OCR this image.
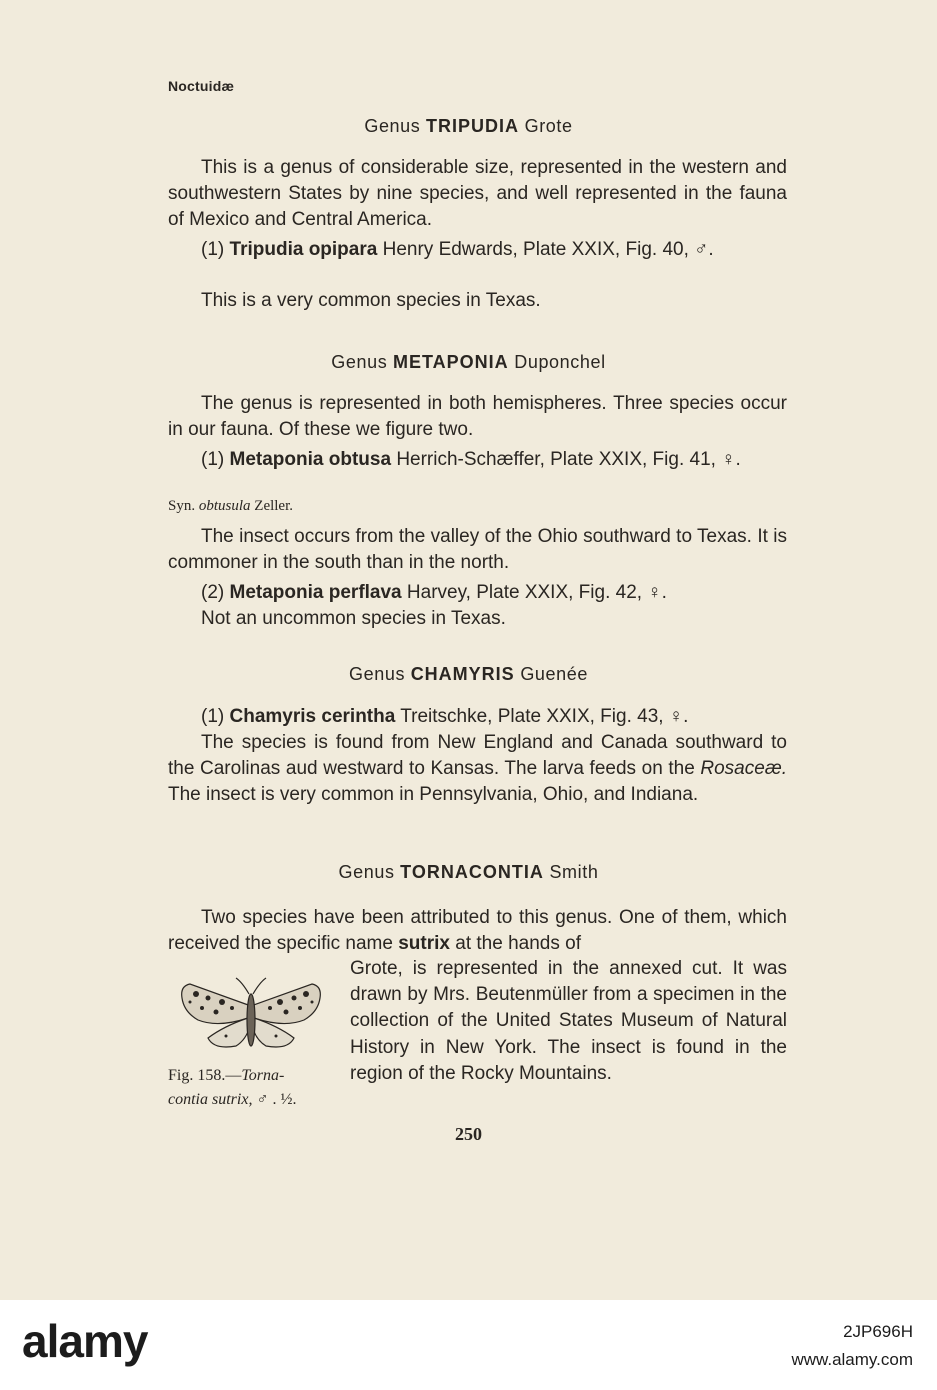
Noctuidæ
Genus TRIPUDIA Grote

This is a genus of considerable size, represented in the western and southwestern States by nine species, and well represented in the fauna of Mexico and Central America.

(1) Tripudia opipara Henry Edwards, Plate XXIX, Fig. 40, ♂.

This is a very common species in Texas.

Genus METAPONIA Duponchel

The genus is represented in both hemispheres. Three species occur in our fauna. Of these we figure two.

(1) Metaponia obtusa Herrich-Schæffer, Plate XXIX, Fig. 41, ♀.

Syn. obtusula Zeller.

The insect occurs from the valley of the Ohio southward to Texas. It is commoner in the south than in the north.

(2) Metaponia perflava Harvey, Plate XXIX, Fig. 42, ♀.

Not an uncommon species in Texas.

Genus CHAMYRIS Guenée

(1) Chamyris cerintha Treitschke, Plate XXIX, Fig. 43, ♀.

The species is found from New England and Canada southward to the Carolinas aud westward to Kansas. The larva feeds on the Rosaceæ. The insect is very common in Pennsylvania, Ohio, and Indiana.

Genus TORNACONTIA Smith

Two species have been attributed to this genus. One of them, which received the specific name sutrix at the hands of

Fig. 158.—Torna-
contia sutrix, ♂ . ½.

Grote, is represented in the annexed cut. It was drawn by Mrs. Beutenmüller from a specimen in the collection of the United States Museum of Natural History in New York. The insect is found in the region of the Rocky Mountains.

250
alamy	2JP696H
www.alamy.com
